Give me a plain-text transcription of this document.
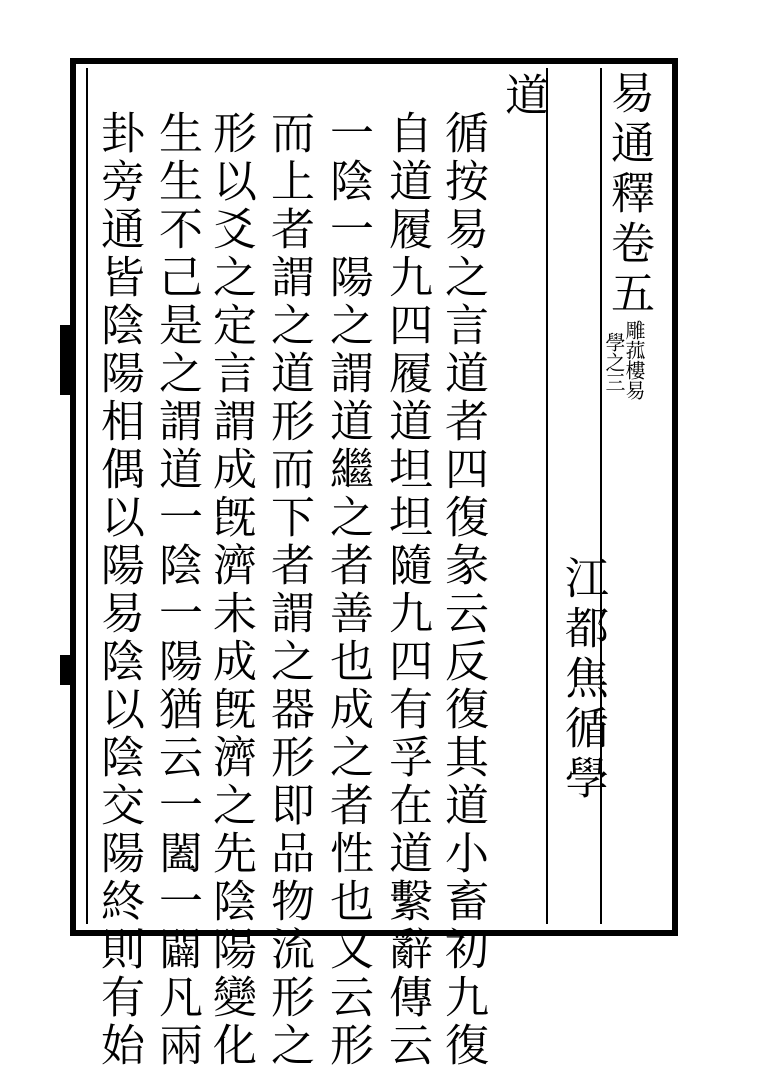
易通釋卷五
雕菰樓易
學之三
江都焦循學
道
循按易之言道者四復彖云反復其道小畜初九復
自道履九四履道坦坦隨九四有孚在道繫辭傳云
一陰一陽之謂道繼之者善也成之者性也又云形
而上者謂之道形而下者謂之器形即品物流形之
形以爻之定言謂成旣濟未成旣濟之先陰陽變化
生生不己是之謂道一陰一陽猶云一闔一闢凡兩
卦旁通皆陰陽相偶以陽易陰以陰交陽終則有始
